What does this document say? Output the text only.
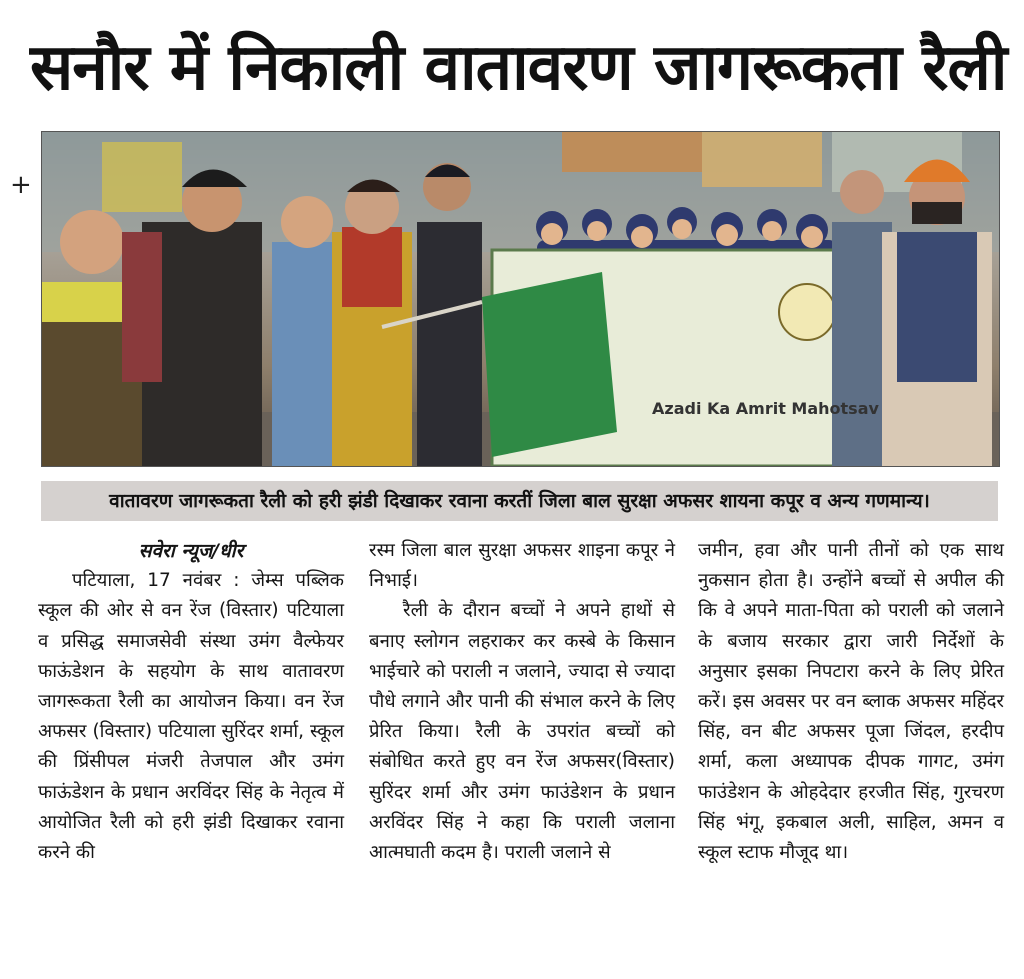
सनौर में निकाली वातावरण जागरूकता रैली
+
Azadi Ka Amrit Mahotsav
वातावरण जागरूकता रैली को हरी झंडी दिखाकर रवाना करतीं जिला बाल सुरक्षा अफसर शायना कपूर व अन्य गणमान्य।
सवेरा न्यूज/धीर

पटियाला, 17 नवंबर : जेम्स पब्लिक स्कूल की ओर से वन रेंज (विस्तार) पटियाला व प्रसिद्ध समाजसेवी संस्था उमंग वैल्फेयर फाऊंडेशन के सहयोग के साथ वातावरण जागरूकता रैली का आयोजन किया। वन रेंज अफसर (विस्तार) पटियाला सुरिंदर शर्मा, स्कूल की प्रिंसीपल मंजरी तेजपाल और उमंग फाऊंडेशन के प्रधान अरविंदर सिंह के नेतृत्व में आयोजित रैली को हरी झंडी दिखाकर रवाना करने की

रस्म जिला बाल सुरक्षा अफसर शाइना कपूर ने निभाई।

रैली के दौरान बच्चों ने अपने हाथों से बनाए स्लोगन लहराकर कर कस्बे के किसान भाईचारे को पराली न जलाने, ज्यादा से ज्यादा पौधे लगाने और पानी की संभाल करने के लिए प्रेरित किया। रैली के उपरांत बच्चों को संबोधित करते हुए वन रेंज अफसर(विस्तार) सुरिंदर शर्मा और उमंग फाउंडेशन के प्रधान अरविंदर सिंह ने कहा कि पराली जलाना आत्मघाती कदम है। पराली जलाने से

जमीन, हवा और पानी तीनों को एक साथ नुकसान होता है। उन्होंने बच्चों से अपील की कि वे अपने माता-पिता को पराली को जलाने के बजाय सरकार द्वारा जारी निर्देशों के अनुसार इसका निपटारा करने के लिए प्रेरित करें। इस अवसर पर वन ब्लाक अफसर महिंदर सिंह, वन बीट अफसर पूजा जिंदल, हरदीप शर्मा, कला अध्यापक दीपक गागट, उमंग फाउंडेशन के ओहदेदार हरजीत सिंह, गुरचरण सिंह भंगू, इकबाल अली, साहिल, अमन व स्कूल स्टाफ मौजूद था।
